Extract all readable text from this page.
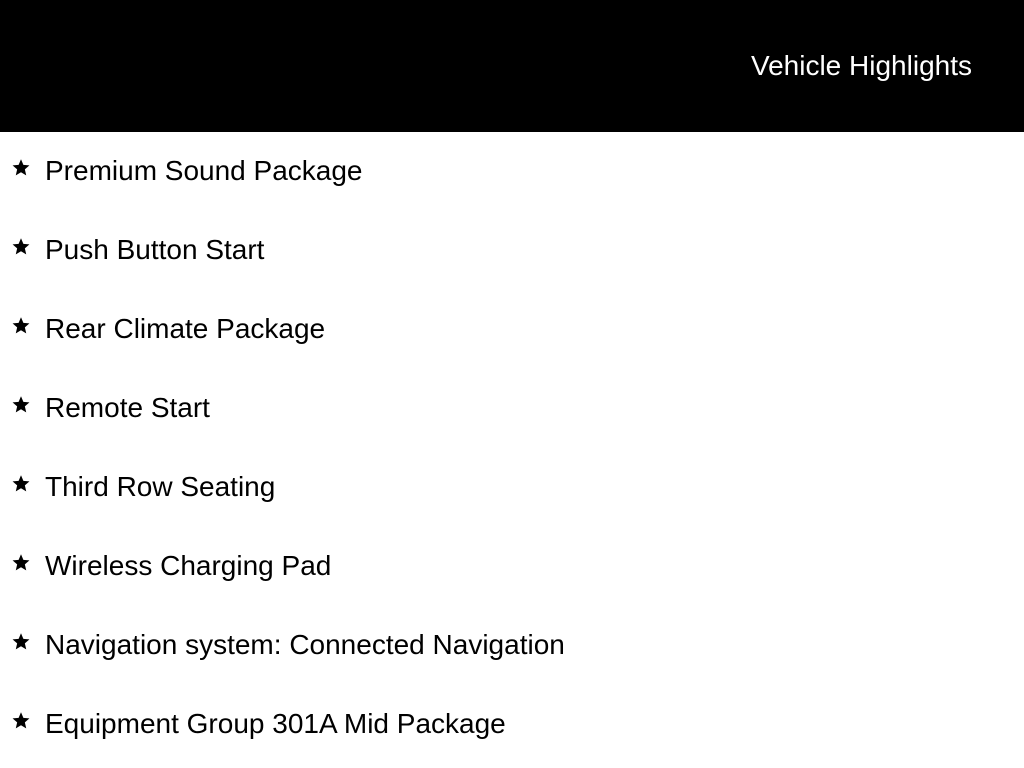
Vehicle Highlights
Premium Sound Package
Push Button Start
Rear Climate Package
Remote Start
Third Row Seating
Wireless Charging Pad
Navigation system: Connected Navigation
Equipment Group 301A Mid Package
